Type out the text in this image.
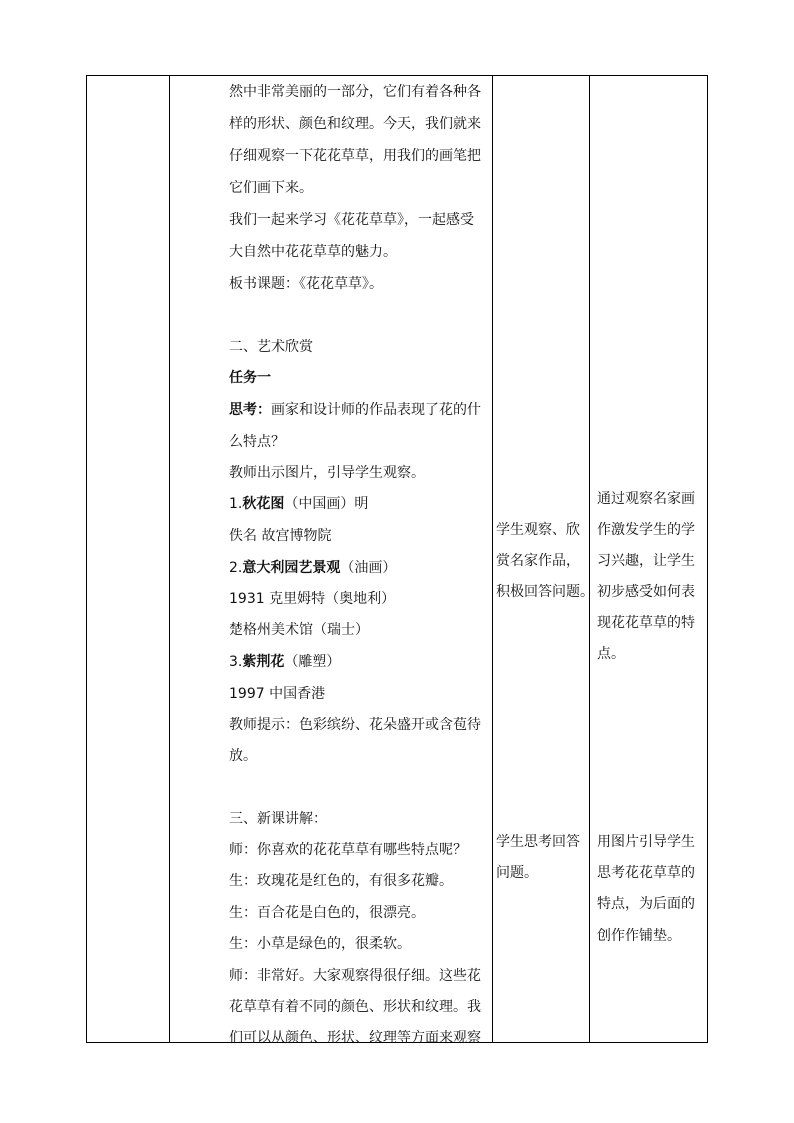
然中非常美丽的一部分，它们有着各种各
样的形状、颜色和纹理。今天，我们就来
仔细观察一下花花草草，用我们的画笔把
它们画下来。
我们一起来学习《花花草草》，一起感受
大自然中花花草草的魅力。
板书课题：《花花草草》。
二、艺术欣赏
任务一
思考：画家和设计师的作品表现了花的什
么特点？
教师出示图片，引导学生观察。
1.秋花图（中国画）明
佚名 故宫博物院
2.意大利园艺景观（油画）
1931 克里姆特（奥地利）
楚格州美术馆（瑞士）
3.紫荆花（雕塑）
1997 中国香港
教师提示：色彩缤纷、花朵盛开或含苞待
放。
三、新课讲解：
师：你喜欢的花花草草有哪些特点呢？
生：玫瑰花是红色的，有很多花瓣。
生：百合花是白色的，很漂亮。
生：小草是绿色的，很柔软。
师：非常好。大家观察得很仔细。这些花
花草草有着不同的颜色、形状和纹理。我
们可以从颜色、形状、纹理等方面来观察
学生观察、欣
赏名家作品，
积极回答问题。
学生思考回答
问题。
通过观察名家画
作激发学生的学
习兴趣，让学生
初步感受如何表
现花花草草的特
点。
用图片引导学生
思考花花草草的
特点，为后面的
创作作铺垫。
